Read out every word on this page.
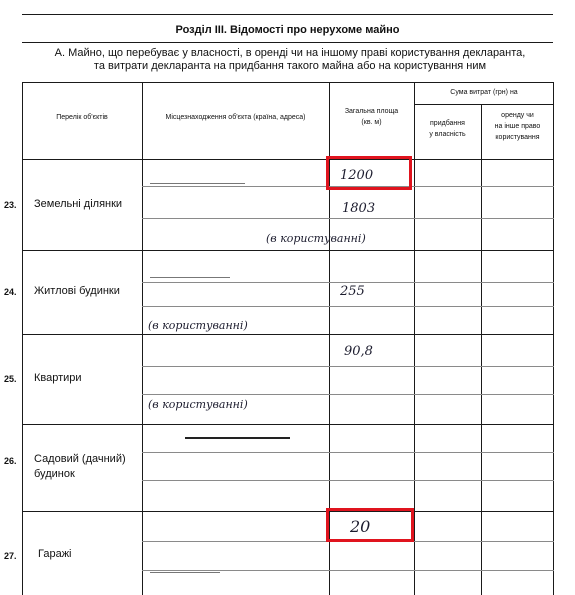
Розділ III. Відомості про нерухоме майно
А. Майно, що перебуває у власності, в оренді чи на іншому праві користування декларанта,
та витрати декларанта на придбання такого майна або на користування ним
Перелік об'єктів	Місцезнаходження об'єкта (країна, адреса)
Загальна площа
(кв. м)
Сума витрат (грн) на
придбання
у власність
оренду чи
на інше право
користування
23. Земельні ділянки
1200
1803
(в користуванні)
24. Житлові будинки	255
(в користуванні)
25. Квартири
90,8
(в користуванні)
26. Садовий (дачний)
будинок
27. Гаражі
20
